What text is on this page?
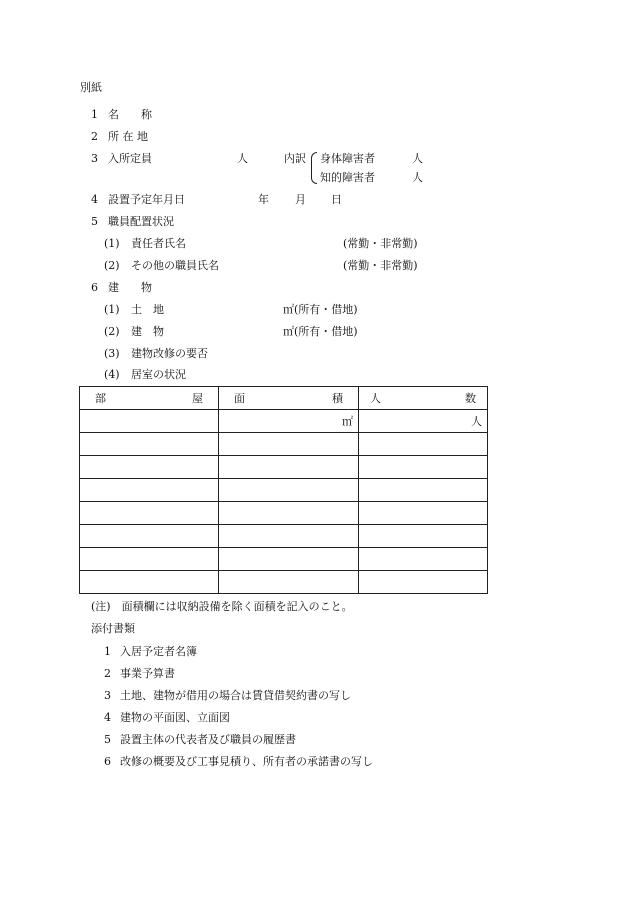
別紙
1 名　　称
2 所 在 地
3 入所定員	人	内訳 身体障害者	人
知的障害者	人
4 設置予定年月日	年 月 日
5 職員配置状況
(1) 責任者氏名	(常勤・非常勤)
(2) その他の職員氏名	(常勤・非常勤)
6 建　　物
(1) 土　地	㎡(所有・借地)
(2) 建　物	㎡(所有・借地)
(3) 建物改修の要否
(4) 居室の状況
部 屋	面 積	人 数

	㎡	人

(注)　面積欄には収納設備を除く面積を記入のこと。
添付書類
1 入居予定者名簿
2 事業予算書
3 土地、建物が借用の場合は賃貸借契約書の写し
4 建物の平面図、立面図
5 設置主体の代表者及び職員の履歴書
6 改修の概要及び工事見積り、所有者の承諾書の写し
